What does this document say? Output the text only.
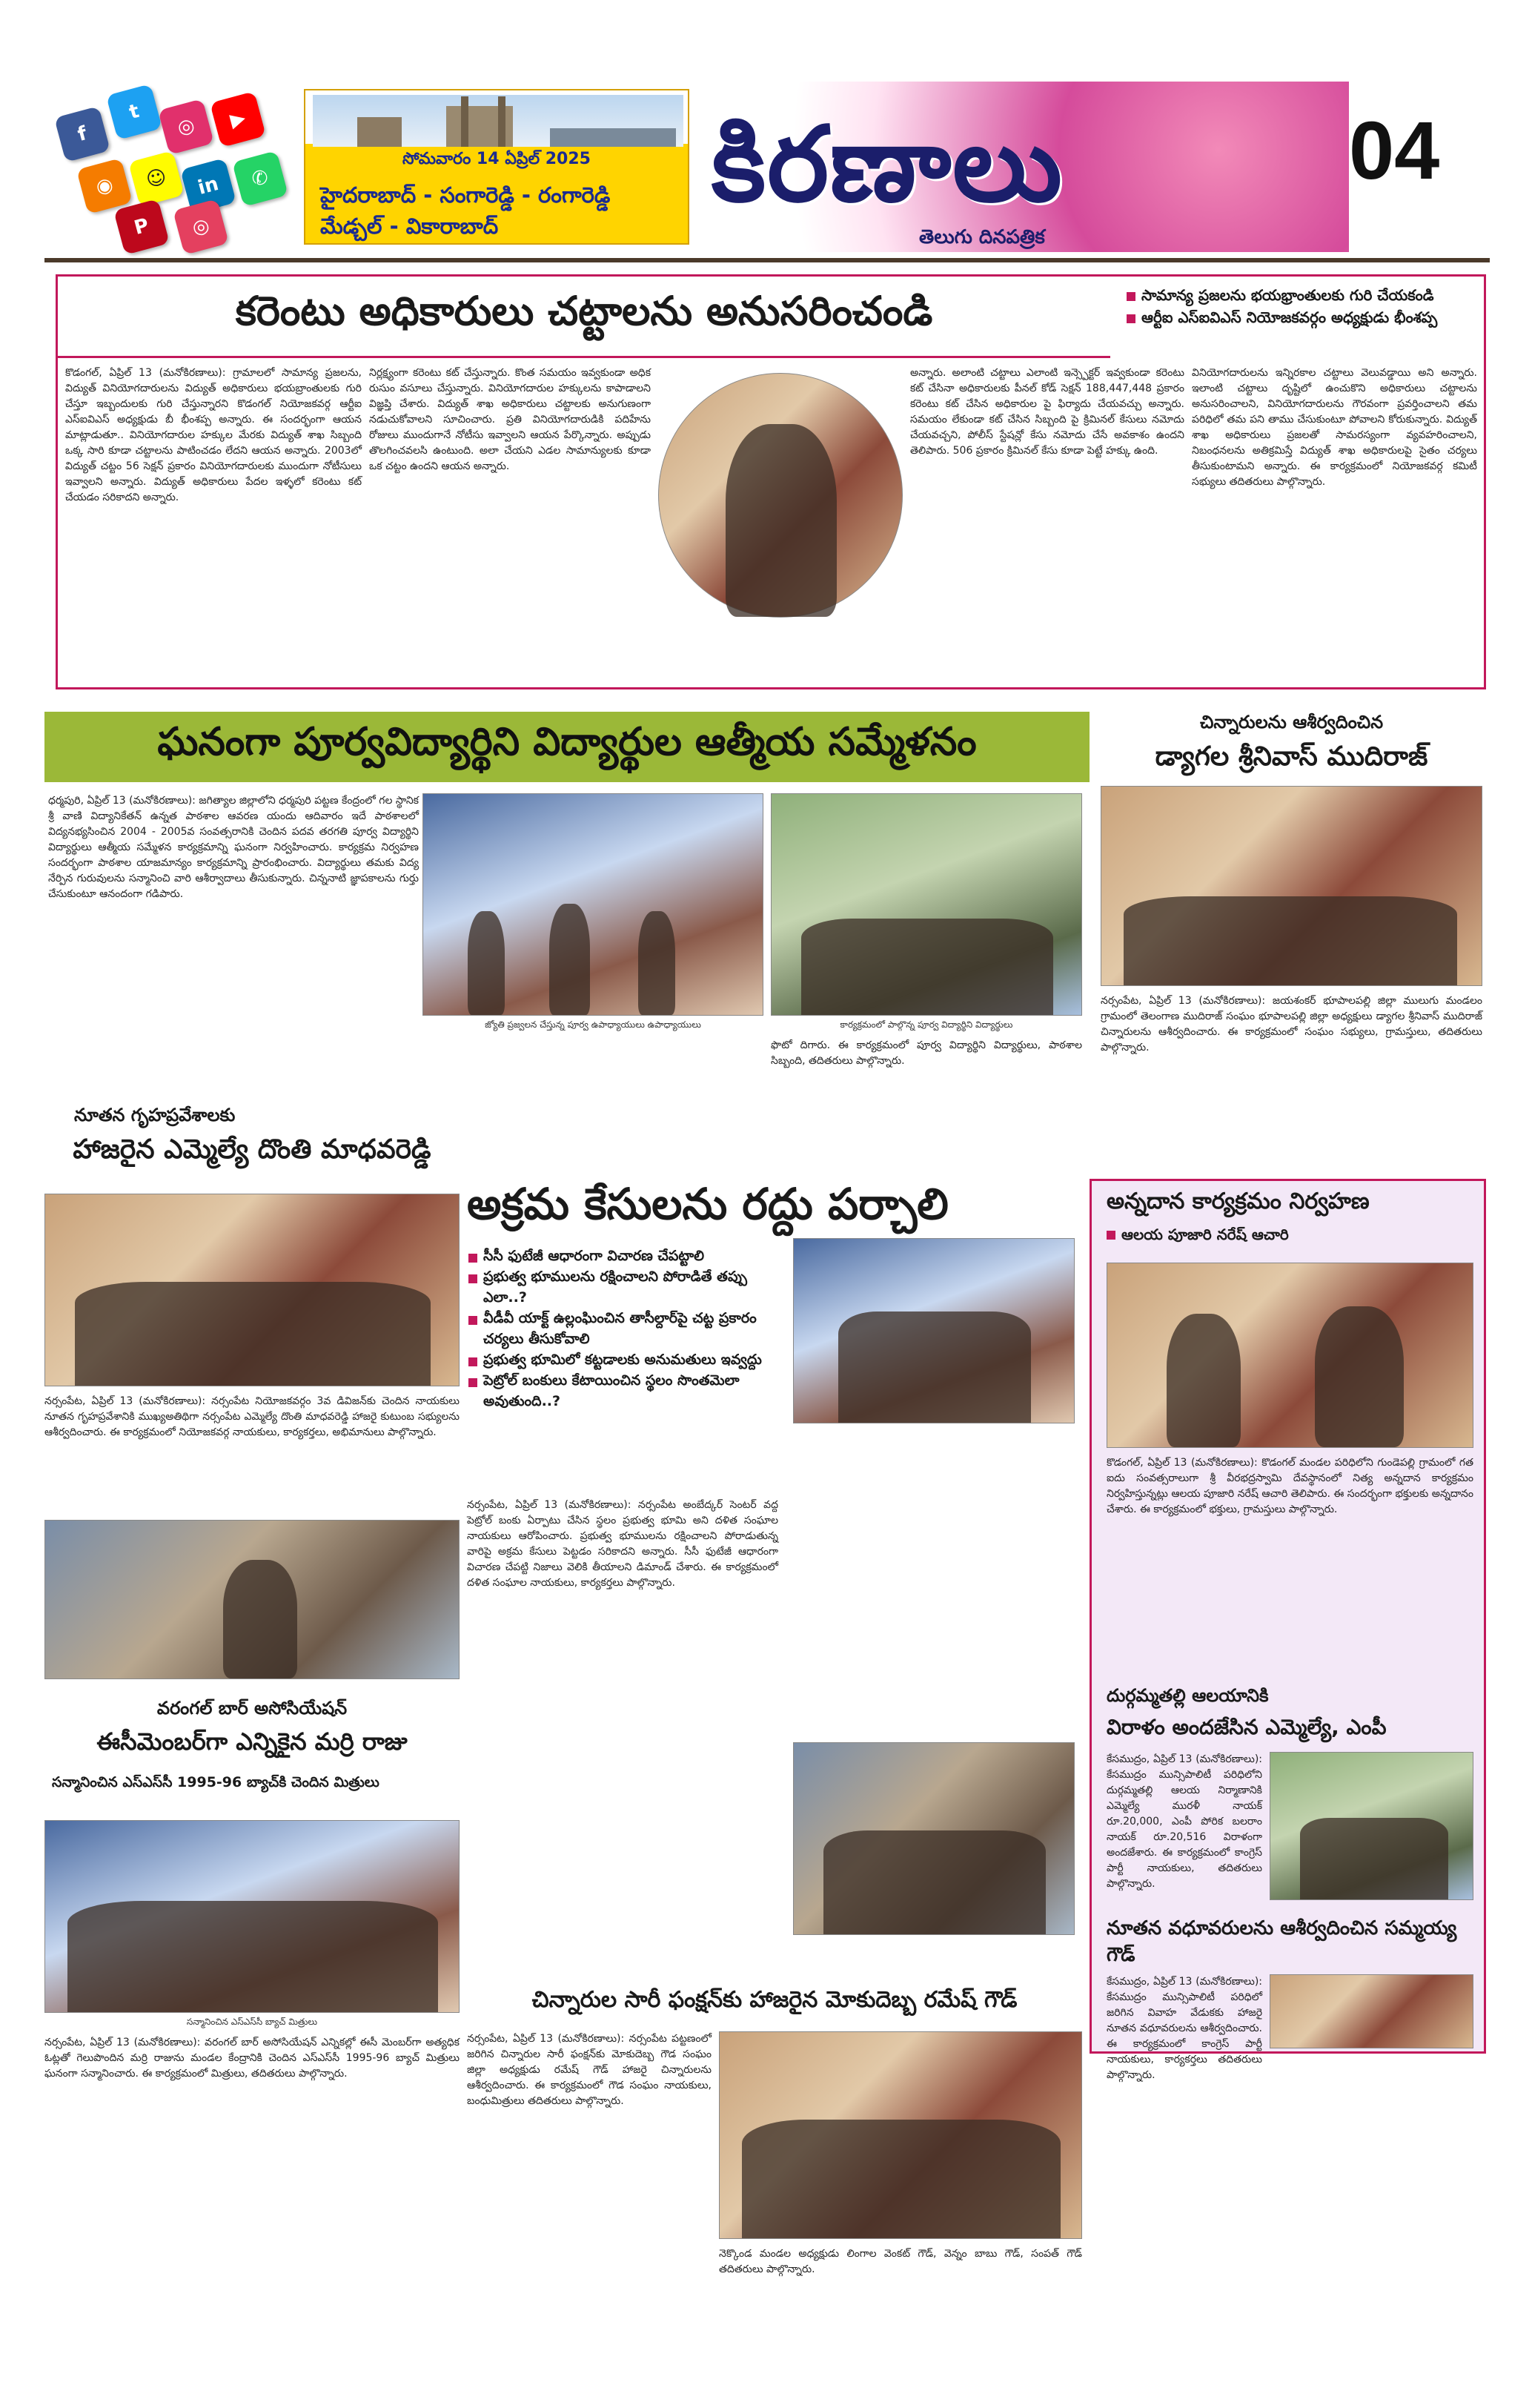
f
t
◎	▶
◉	☺	in	✆
P	◎
సోమవారం 14 ఏప్రిల్ 2025
హైదరాబాద్ - సంగారెడ్డి - రంగారెడ్డి
మేడ్చల్ - వికారాబాద్
కిరణాలు
తెలుగు దినపత్రిక
04
కరెంటు అధికారులు చట్టాలను అనుసరించండి	సామాన్య ప్రజలను భయభ్రాంతులకు గురి చేయకండి
ఆర్టీఐ ఎస్ఐవిఎస్ నియోజకవర్గం అధ్యక్షుడు భీంశప్ప
కొడంగల్, ఏప్రిల్ 13 (మనోకిరణాలు): గ్రామాలలో సామాన్య ప్రజలను, విద్యుత్ వినియోగదారులను విద్యుత్ అధికారులు భయబ్రాంతులకు గురి చేస్తూ ఇబ్బందులకు గురి చేస్తున్నారని కొడంగల్ నియోజకవర్గ ఆర్టీఐ ఎస్ఐవిఎస్ అధ్యక్షుడు బీ భీంశప్ప అన్నారు. ఈ సందర్భంగా ఆయన మాట్లాడుతూ.. వినియోగదారుల హక్కుల మేరకు విద్యుత్ శాఖ సిబ్బంది ఒక్క సారి కూడా చట్టాలను పాటించడం లేదని ఆయన అన్నారు. 2003లో విద్యుత్ చట్టం 56 సెక్షన్ ప్రకారం వినియోగదారులకు ముందుగా నోటీసులు ఇవ్వాలని అన్నారు. విద్యుత్ అధికారులు పేదల ఇళ్ళలో కరెంటు కట్ చేయడం సరికాదని అన్నారు.
నిర్లక్ష్యంగా కరెంటు కట్ చేస్తున్నారు. కొంత సమయం ఇవ్వకుండా అధిక రుసుం వసూలు చేస్తున్నారు. వినియోగదారుల హక్కులను కాపాడాలని విజ్ఞప్తి చేశారు. విద్యుత్ శాఖ అధికారులు చట్టాలకు అనుగుణంగా నడుచుకోవాలని సూచించారు. ప్రతి వినియోగదారుడికి పదిహేను రోజులు ముందుగానే నోటీసు ఇవ్వాలని ఆయన పేర్కొన్నారు. అప్పుడు తొలగించవలసి ఉంటుంది. అలా చేయని ఎడల సామాన్యులకు కూడా ఒక చట్టం ఉందని ఆయన అన్నారు.
అన్నారు. అలాంటి చట్టాలు ఎలాంటి ఇన్స్పెక్టర్ ఇవ్వకుండా కరెంటు కట్ చేసినా అధికారులకు పీనల్ కోడ్ సెక్షన్ 188,447,448 ప్రకారం కరెంటు కట్ చేసిన అధికారుల పై ఫిర్యాదు చేయవచ్చు అన్నారు. సమయం లేకుండా కట్ చేసిన సిబ్బంది పై క్రిమినల్ కేసులు నమోదు చేయవచ్చని, పోలీస్ స్టేషన్లో కేసు నమోదు చేసే అవకాశం ఉందని తెలిపారు. 506 ప్రకారం క్రిమినల్ కేసు కూడా పెట్టే హక్కు ఉంది.
వినియోగదారులను ఇన్నిరకాల చట్టాలు వెలువడ్డాయి అని అన్నారు. ఇలాంటి చట్టాలు దృష్టిలో ఉంచుకొని అధికారులు చట్టాలను అనుసరించాలని, వినియోగదారులను గౌరవంగా ప్రవర్తించాలని తమ పరిధిలో తమ పని తాము చేసుకుంటూ పోవాలని కోరుకున్నారు. విద్యుత్ శాఖ అధికారులు ప్రజలతో సామరస్యంగా వ్యవహరించాలని, నిబంధనలను అతిక్రమిస్తే విద్యుత్ శాఖ అధికారులపై సైతం చర్యలు తీసుకుంటామని అన్నారు. ఈ కార్యక్రమంలో నియోజకవర్గ కమిటీ సభ్యులు తదితరులు పాల్గొన్నారు.
ఘనంగా పూర్వవిద్యార్థిని విద్యార్థుల ఆత్మీయ సమ్మేళనం
ధర్మపురి, ఏప్రిల్ 13 (మనోకిరణాలు): జగిత్యాల జిల్లాలోని ధర్మపురి పట్టణ కేంద్రంలో గల స్థానిక శ్రీ వాణి విద్యానికేతన్ ఉన్నత పాఠశాల ఆవరణ యందు ఆదివారం ఇదే పాఠశాలలో విద్యనభ్యసించిన 2004 - 2005వ సంవత్సరానికి చెందిన పదవ తరగతి పూర్వ విద్యార్థిని విద్యార్థులు ఆత్మీయ సమ్మేళన కార్యక్రమాన్ని ఘనంగా నిర్వహించారు. కార్యక్రమ నిర్వహణ సందర్భంగా పాఠశాల యాజమాన్యం కార్యక్రమాన్ని ప్రారంభించారు. విద్యార్థులు తమకు విద్య నేర్పిన గురువులను సన్మానించి వారి ఆశీర్వాదాలు తీసుకున్నారు. చిన్ననాటి జ్ఞాపకాలను గుర్తు చేసుకుంటూ ఆనందంగా గడిపారు.
జ్యోతి ప్రజ్వలన చేస్తున్న పూర్వ ఉపాధ్యాయులు ఉపాధ్యాయులు	కార్యక్రమంలో పాల్గొన్న పూర్వ విద్యార్థిని విద్యార్థులు
ఫొటో దిగారు. ఈ కార్యక్రమంలో పూర్వ విద్యార్థిని విద్యార్థులు, పాఠశాల సిబ్బంది, తదితరులు పాల్గొన్నారు.
చిన్నారులను ఆశీర్వదించిన
డ్యాగల శ్రీనివాస్ ముదిరాజ్
నర్సంపేట, ఏప్రిల్ 13 (మనోకిరణాలు): జయశంకర్ భూపాలపల్లి జిల్లా ములుగు మండలం గ్రామంలో తెలంగాణ ముదిరాజ్ సంఘం భూపాలపల్లి జిల్లా అధ్యక్షులు డ్యాగల శ్రీనివాస్ ముదిరాజ్ చిన్నారులను ఆశీర్వదించారు. ఈ కార్యక్రమంలో సంఘం సభ్యులు, గ్రామస్తులు, తదితరులు పాల్గొన్నారు.
నూతన గృహప్రవేశాలకు
హాజరైన ఎమ్మెల్యే దొంతి మాధవరెడ్డి
నర్సంపేట, ఏప్రిల్ 13 (మనోకిరణాలు): నర్సంపేట నియోజకవర్గం 3వ డివిజన్‌కు చెందిన నాయకులు నూతన గృహప్రవేశానికి ముఖ్యఅతిథిగా నర్సంపేట ఎమ్మెల్యే దొంతి మాధవరెడ్డి హాజరై కుటుంబ సభ్యులను ఆశీర్వదించారు. ఈ కార్యక్రమంలో నియోజకవర్గ నాయకులు, కార్యకర్తలు, అభిమానులు పాల్గొన్నారు.
అక్రమ కేసులను రద్దు పర్చాలి
సీసీ ఫుటేజీ ఆధారంగా విచారణ చేపట్టాలి
ప్రభుత్వ భూములను రక్షించాలని పోరాడితే తప్పు ఎలా..?
వీడీవీ యాక్ట్ ఉల్లంఘించిన తాసీల్దార్‌పై చట్ట ప్రకారం చర్యలు తీసుకోవాలి
ప్రభుత్వ భూమిలో కట్టడాలకు అనుమతులు ఇవ్వద్దు
పెట్రోల్ బంకులు కేటాయించిన స్థలం సొంతమెలా అవుతుంది..?
నర్సంపేట, ఏప్రిల్ 13 (మనోకిరణాలు): నర్సంపేట అంబేద్కర్ సెంటర్ వద్ద పెట్రోల్ బంకు ఏర్పాటు చేసిన స్థలం ప్రభుత్వ భూమి అని దళిత సంఘాల నాయకులు ఆరోపించారు. ప్రభుత్వ భూములను రక్షించాలని పోరాడుతున్న వారిపై అక్రమ కేసులు పెట్టడం సరికాదని అన్నారు. సీసీ ఫుటేజీ ఆధారంగా విచారణ చేపట్టి నిజాలు వెలికి తీయాలని డిమాండ్ చేశారు. ఈ కార్యక్రమంలో దళిత సంఘాల నాయకులు, కార్యకర్తలు పాల్గొన్నారు.
అన్నదాన కార్యక్రమం నిర్వహణ
ఆలయ పూజారి నరేష్ ఆచారి
కొడంగల్, ఏప్రిల్ 13 (మనోకిరణాలు): కొడంగల్ మండల పరిధిలోని గుండెపల్లి గ్రామంలో గత ఐదు సంవత్సరాలుగా శ్రీ వీరభద్రస్వామి దేవస్థానంలో నిత్య అన్నదాన కార్యక్రమం నిర్వహిస్తున్నట్లు ఆలయ పూజారి నరేష్ ఆచారి తెలిపారు. ఈ సందర్భంగా భక్తులకు అన్నదానం చేశారు. ఈ కార్యక్రమంలో భక్తులు, గ్రామస్తులు పాల్గొన్నారు.
దుర్గమ్మతల్లి ఆలయానికి
విరాళం అందజేసిన ఎమ్మెల్యే, ఎంపీ
కేసముద్రం, ఏప్రిల్ 13 (మనోకిరణాలు): కేసముద్రం మున్సిపాలిటీ పరిధిలోని దుర్గమ్మతల్లి ఆలయ నిర్మాణానికి ఎమ్మెల్యే మురళీ నాయక్ రూ.20,000, ఎంపీ పోరిక బలరాం నాయక్ రూ.20,516 విరాళంగా అందజేశారు. ఈ కార్యక్రమంలో కాంగ్రెస్ పార్టీ నాయకులు, తదితరులు పాల్గొన్నారు.
నూతన వధూవరులను ఆశీర్వదించిన సమ్మయ్య గౌడ్
కేసముద్రం, ఏప్రిల్ 13 (మనోకిరణాలు): కేసముద్రం మున్సిపాలిటీ పరిధిలో జరిగిన వివాహ వేడుకకు హాజరై నూతన వధూవరులను ఆశీర్వదించారు. ఈ కార్యక్రమంలో కాంగ్రెస్ పార్టీ నాయకులు, కార్యకర్తలు తదితరులు పాల్గొన్నారు.
వరంగల్ బార్ అసోసియేషన్
ఈసీమెంబర్‌గా ఎన్నికైన మర్రి రాజు
సన్మానించిన ఎస్ఎస్‌సీ 1995-96 బ్యాచ్‌కి చెందిన మిత్రులు
సన్మానించిన ఎస్ఎస్‌సీ బ్యాచ్ మిత్రులు
నర్సంపేట, ఏప్రిల్ 13 (మనోకిరణాలు): వరంగల్ బార్ అసోసియేషన్ ఎన్నికల్లో ఈసీ మెంబర్‌గా అత్యధిక ఓట్లతో గెలుపొందిన మర్రి రాజును మండల కేంద్రానికి చెందిన ఎస్ఎస్‌సీ 1995-96 బ్యాచ్ మిత్రులు ఘనంగా సన్మానించారు. ఈ కార్యక్రమంలో మిత్రులు, తదితరులు పాల్గొన్నారు.
చిన్నారుల సారీ ఫంక్షన్‌కు హాజరైన మోకుదెబ్బ రమేష్ గౌడ్
నర్సంపేట, ఏప్రిల్ 13 (మనోకిరణాలు): నర్సంపేట పట్టణంలో జరిగిన చిన్నారుల సారీ ఫంక్షన్‌కు మోకుదెబ్బ గౌడ సంఘం జిల్లా అధ్యక్షుడు రమేష్ గౌడ్ హాజరై చిన్నారులను ఆశీర్వదించారు. ఈ కార్యక్రమంలో గౌడ సంఘం నాయకులు, బంధుమిత్రులు తదితరులు పాల్గొన్నారు.
నెక్కొండ మండల అధ్యక్షుడు లింగాల వెంకట్ గౌడ్, వెన్నం బాబు గౌడ్, సంపత్ గౌడ్ తదితరులు పాల్గొన్నారు.
